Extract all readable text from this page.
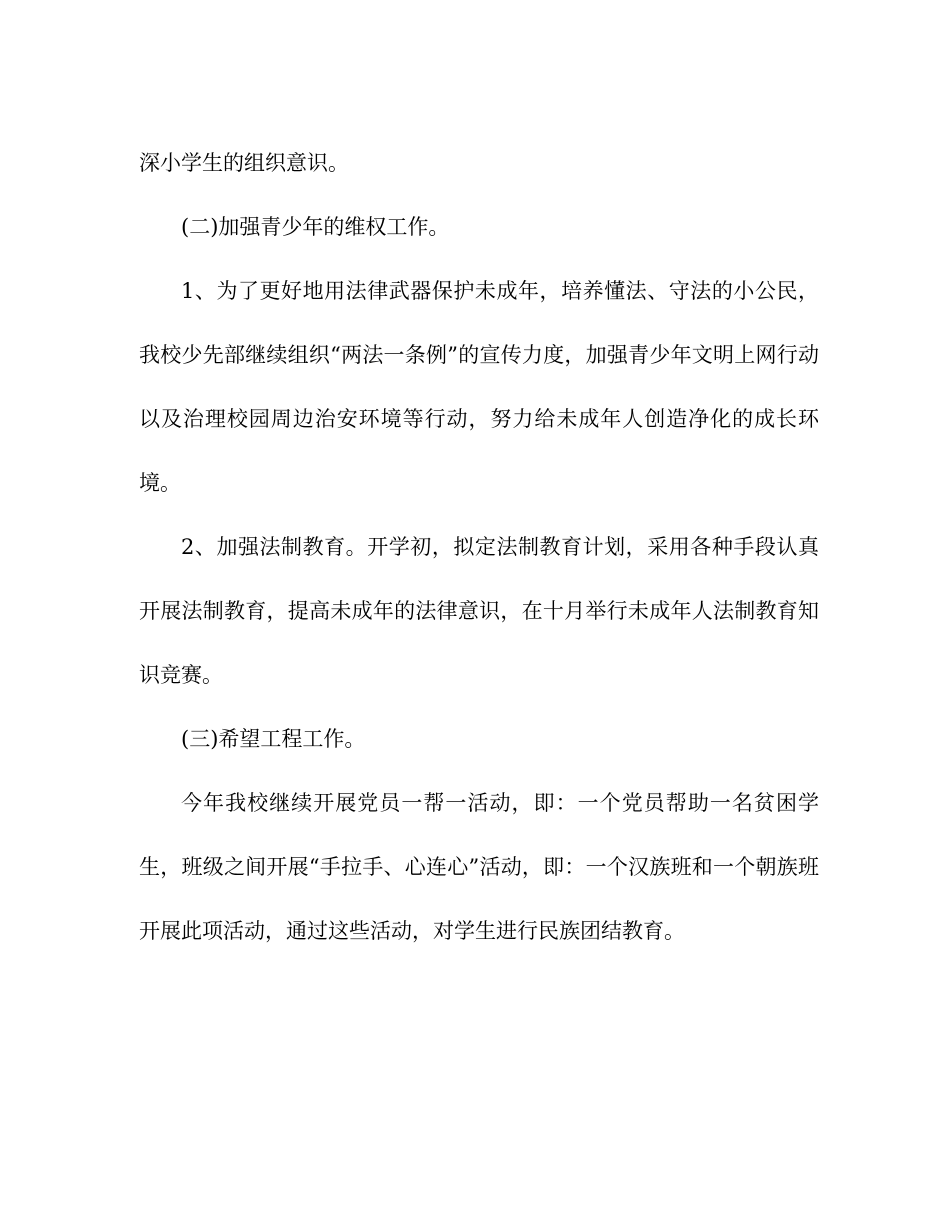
深小学生的组织意识。

(二)加强青少年的维权工作。

1、为了更好地用法律武器保护未成年，培养懂法、守法的小公民，我校少先部继续组织“两法一条例”的宣传力度，加强青少年文明上网行动以及治理校园周边治安环境等行动，努力给未成年人创造净化的成长环境。

2、加强法制教育。开学初，拟定法制教育计划，采用各种手段认真开展法制教育，提高未成年的法律意识，在十月举行未成年人法制教育知识竞赛。

(三)希望工程工作。

今年我校继续开展党员一帮一活动，即：一个党员帮助一名贫困学生，班级之间开展“手拉手、心连心”活动，即：一个汉族班和一个朝族班开展此项活动，通过这些活动，对学生进行民族团结教育。
